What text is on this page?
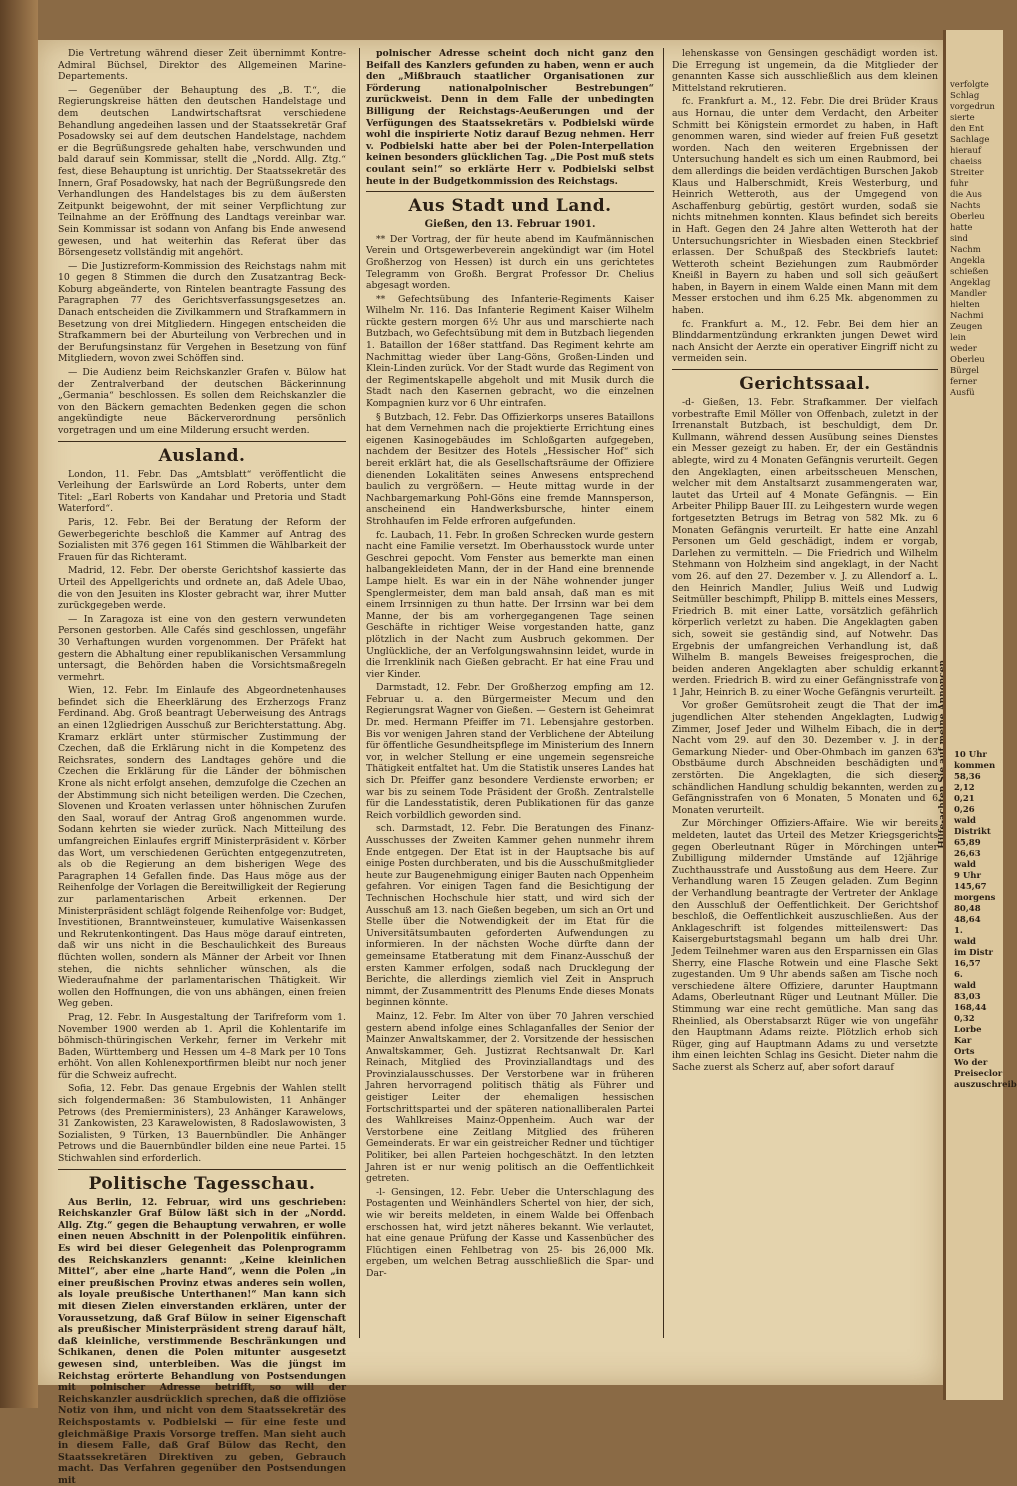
Die Vertretung während dieser Zeit übernimmt Kontre-Admiral Büchsel, Direktor des Allgemeinen Marine-Departements.

— Gegenüber der Behauptung des „B. T.“, die Regierungskreise hätten den deutschen Handelstage und dem deutschen Landwirtschaftsrat verschiedene Behandlung angedeihen lassen und der Staatssekretär Graf Posadowsky sei auf dem deutschen Handelstage, nachdem er die Begrüßungsrede gehalten habe, verschwunden und bald darauf sein Kommissar, stellt die „Nordd. Allg. Ztg.“ fest, diese Behauptung ist unrichtig. Der Staatssekretär des Innern, Graf Posadowsky, hat nach der Begrüßungsrede den Verhandlungen des Handelstages bis zu dem äußersten Zeitpunkt beigewohnt, der mit seiner Verpflichtung zur Teilnahme an der Eröffnung des Landtags vereinbar war. Sein Kommissar ist sodann von Anfang bis Ende anwesend gewesen, und hat weiterhin das Referat über das Börsengesetz vollständig mit angehört.

— Die Justizreform-Kommission des Reichstags nahm mit 10 gegen 8 Stimmen die durch den Zusatzantrag Beck-Koburg abgeänderte, von Rintelen beantragte Fassung des Paragraphen 77 des Gerichtsverfassungsgesetzes an. Danach entscheiden die Zivilkammern und Strafkammern in Besetzung von drei Mitgliedern. Hingegen entscheiden die Strafkammern bei der Aburteilung von Verbrechen und in der Berufungsinstanz für Vergehen in Besetzung von fünf Mitgliedern, wovon zwei Schöffen sind.

— Die Audienz beim Reichskanzler Grafen v. Bülow hat der Zentralverband der deutschen Bäckerinnung „Germania“ beschlossen. Es sollen dem Reichskanzler die von den Bäckern gemachten Bedenken gegen die schon angekündigte neue Bäckerverordnung persönlich vorgetragen und um eine Milderung ersucht werden.

Ausland.

London, 11. Febr. Das „Amtsblatt“ veröffentlicht die Verleihung der Earlswürde an Lord Roberts, unter dem Titel: „Earl Roberts von Kandahar und Pretoria und Stadt Waterford“.

Paris, 12. Febr. Bei der Beratung der Reform der Gewerbegerichte beschloß die Kammer auf Antrag des Sozialisten mit 376 gegen 161 Stimmen die Wählbarkeit der Frauen für das Richteramt.

Madrid, 12. Febr. Der oberste Gerichtshof kassierte das Urteil des Appellgerichts und ordnete an, daß Adele Ubao, die von den Jesuiten ins Kloster gebracht war, ihrer Mutter zurückgegeben werde.

— In Zaragoza ist eine von den gestern verwundeten Personen gestorben. Alle Cafés sind geschlossen, ungefähr 30 Verhaftungen wurden vorgenommen. Der Präfekt hat gestern die Abhaltung einer republikanischen Versammlung untersagt, die Behörden haben die Vorsichtsmaßregeln vermehrt.

Wien, 12. Febr. Im Einlaufe des Abgeordnetenhauses befindet sich die Eheerklärung des Erzherzogs Franz Ferdinand. Abg. Groß beantragt Ueberweisung des Antrags an einen 12gliedrigen Ausschuß zur Berichterstattung. Abg. Kramarz erklärt unter stürmischer Zustimmung der Czechen, daß die Erklärung nicht in die Kompetenz des Reichsrates, sondern des Landtages gehöre und die Czechen die Erklärung für die Länder der böhmischen Krone als nicht erfolgt ansehen, demzufolge die Czechen an der Abstimmung sich nicht beteiligen werden. Die Czechen, Slovenen und Kroaten verlassen unter höhnischen Zurufen den Saal, worauf der Antrag Groß angenommen wurde. Sodann kehrten sie wieder zurück. Nach Mitteilung des umfangreichen Einlaufes ergriff Ministerpräsident v. Körber das Wort, um verschiedenen Gerüchten entgegenzutreten, als ob die Regierung an dem bisherigen Wege des Paragraphen 14 Gefallen finde. Das Haus möge aus der Reihenfolge der Vorlagen die Bereitwilligkeit der Regierung zur parlamentarischen Arbeit erkennen. Der Ministerpräsident schlägt folgende Reihenfolge vor: Budget, Investitionen, Branntweinsteuer, kumulative Waisenkassen und Rekrutenkontingent. Das Haus möge darauf eintreten, daß wir uns nicht in die Beschaulichkeit des Bureaus flüchten wollen, sondern als Männer der Arbeit vor Ihnen stehen, die nichts sehnlicher wünschen, als die Wiederaufnahme der parlamentarischen Thätigkeit. Wir wollen den Hoffnungen, die von uns abhängen, einen freien Weg geben.

Prag, 12. Febr. In Ausgestaltung der Tarifreform vom 1. November 1900 werden ab 1. April die Kohlentarife im böhmisch-thüringischen Verkehr, ferner im Verkehr mit Baden, Württemberg und Hessen um 4–8 Mark per 10 Tons erhöht. Von allen Kohlenexportfirmen bleibt nur noch jener für die Schweiz aufrecht.

Sofia, 12. Febr. Das genaue Ergebnis der Wahlen stellt sich folgendermaßen: 36 Stambulowisten, 11 Anhänger Petrows (des Premierministers), 23 Anhänger Karawelows, 31 Zankowisten, 23 Karawelowisten, 8 Radoslawowisten, 3 Sozialisten, 9 Türken, 13 Bauernbündler. Die Anhänger Petrows und die Bauernbündler bilden eine neue Partei. 15 Stichwahlen sind erforderlich.

Politische Tagesschau.

Aus Berlin, 12. Februar, wird uns geschrieben: Reichskanzler Graf Bülow läßt sich in der „Nordd. Allg. Ztg.“ gegen die Behauptung verwahren, er wolle einen neuen Abschnitt in der Polenpolitik einführen. Es wird bei dieser Gelegenheit das Polenprogramm des Reichskanzlers genannt: „Keine kleinlichen Mittel“, aber eine „harte Hand“, wenn die Polen „in einer preußischen Provinz etwas anderes sein wollen, als loyale preußische Unterthanen!“ Man kann sich mit diesen Zielen einverstanden erklären, unter der Voraussetzung, daß Graf Bülow in seiner Eigenschaft als preußischer Ministerpräsident streng darauf hält, daß kleinliche, verstimmende Beschränkungen und Schikanen, denen die Polen mitunter ausgesetzt gewesen sind, unterbleiben. Was die jüngst im Reichstag erörterte Behandlung von Postsendungen mit polnischer Adresse betrifft, so will der Reichskanzler ausdrücklich sprechen, daß die offiziöse Notiz von ihm, und nicht von dem Staatssekretär des Reichspostamts v. Podbielski — für eine feste und gleichmäßige Praxis Vorsorge treffen. Man sieht auch in diesem Falle, daß Graf Bülow das Recht, den Staatssekretären Direktiven zu geben, Gebrauch macht. Das Verfahren gegenüber den Postsendungen mit

polnischer Adresse scheint doch nicht ganz den Beifall des Kanzlers gefunden zu haben, wenn er auch den „Mißbrauch staatlicher Organisationen zur Förderung nationalpolnischer Bestrebungen“ zurückweist. Denn in dem Falle der unbedingten Billigung der Reichstags-Aeußerungen und der Verfügungen des Staatssekretärs v. Podbielski würde wohl die inspirierte Notiz darauf Bezug nehmen. Herr v. Podbielski hatte aber bei der Polen-Interpellation keinen besonders glücklichen Tag. „Die Post muß stets coulant sein!“ so erklärte Herr v. Podbielski selbst heute in der Budgetkommission des Reichstags.

Aus Stadt und Land.
Gießen, den 13. Februar 1901.

** Der Vortrag, der für heute abend im Kaufmännischen Verein und Ortsgewerbeverein angekündigt war (im Hotel Großherzog von Hessen) ist durch ein uns gerichtetes Telegramm von Großh. Bergrat Professor Dr. Chelius abgesagt worden.

** Gefechtsübung des Infanterie-Regiments Kaiser Wilhelm Nr. 116. Das Infanterie Regiment Kaiser Wilhelm rückte gestern morgen 6½ Uhr aus und marschierte nach Butzbach, wo Gefechtsübung mit dem in Butzbach liegenden 1. Bataillon der 168er stattfand. Das Regiment kehrte am Nachmittag wieder über Lang-Göns, Großen-Linden und Klein-Linden zurück. Vor der Stadt wurde das Regiment von der Regimentskapelle abgeholt und mit Musik durch die Stadt nach den Kasernen gebracht, wo die einzelnen Kompagnien kurz vor 6 Uhr eintrafen.

§ Butzbach, 12. Febr. Das Offizierkorps unseres Bataillons hat dem Vernehmen nach die projektierte Errichtung eines eigenen Kasinogebäudes im Schloßgarten aufgegeben, nachdem der Besitzer des Hotels „Hessischer Hof“ sich bereit erklärt hat, die als Gesellschaftsräume der Offiziere dienenden Lokalitäten seines Anwesens entsprechend baulich zu vergrößern. — Heute mittag wurde in der Nachbargemarkung Pohl-Göns eine fremde Mannsperson, anscheinend ein Handwerksbursche, hinter einem Strohhaufen im Felde erfroren aufgefunden.

fc. Laubach, 11. Febr. In großen Schrecken wurde gestern nacht eine Familie versetzt. Im Oberhausstock wurde unter Geschrei gepocht. Vom Fenster aus bemerkte man einen halbangekleideten Mann, der in der Hand eine brennende Lampe hielt. Es war ein in der Nähe wohnender junger Spenglermeister, dem man bald ansah, daß man es mit einem Irrsinnigen zu thun hatte. Der Irrsinn war bei dem Manne, der bis am vorhergegangenen Tage seinen Geschäfte in richtiger Weise vorgestanden hatte, ganz plötzlich in der Nacht zum Ausbruch gekommen. Der Unglückliche, der an Verfolgungswahnsinn leidet, wurde in die Irrenklinik nach Gießen gebracht. Er hat eine Frau und vier Kinder.

Darmstadt, 12. Febr. Der Großherzog empfing am 12. Februar u. a. den Bürgermeister Mecum und den Regierungsrat Wagner von Gießen. — Gestern ist Geheimrat Dr. med. Hermann Pfeiffer im 71. Lebensjahre gestorben. Bis vor wenigen Jahren stand der Verblichene der Abteilung für öffentliche Gesundheitspflege im Ministerium des Innern vor, in welcher Stellung er eine ungemein segensreiche Thätigkeit entfaltet hat. Um die Statistik unseres Landes hat sich Dr. Pfeiffer ganz besondere Verdienste erworben; er war bis zu seinem Tode Präsident der Großh. Zentralstelle für die Landesstatistik, deren Publikationen für das ganze Reich vorbildlich geworden sind.

sch. Darmstadt, 12. Febr. Die Beratungen des Finanz-Ausschusses der Zweiten Kammer gehen nunmehr ihrem Ende entgegen. Der Etat ist in der Hauptsache bis auf einige Posten durchberaten, und bis die Ausschußmitglieder heute zur Baugenehmigung einiger Bauten nach Oppenheim gefahren. Vor einigen Tagen fand die Besichtigung der Technischen Hochschule hier statt, und wird sich der Ausschuß am 13. nach Gießen begeben, um sich an Ort und Stelle über die Notwendigkeit der im Etat für die Universitätsumbauten geforderten Aufwendungen zu informieren. In der nächsten Woche dürfte dann der gemeinsame Etatberatung mit dem Finanz-Ausschuß der ersten Kammer erfolgen, sodaß nach Drucklegung der Berichte, die allerdings ziemlich viel Zeit in Anspruch nimmt, der Zusammentritt des Plenums Ende dieses Monats beginnen könnte.

Mainz, 12. Febr. Im Alter von über 70 Jahren verschied gestern abend infolge eines Schlaganfalles der Senior der Mainzer Anwaltskammer, der 2. Vorsitzende der hessischen Anwaltskammer, Geh. Justizrat Rechtsanwalt Dr. Karl Reinach, Mitglied des Provinziallandtags und des Provinzialausschusses. Der Verstorbene war in früheren Jahren hervorragend politisch thätig als Führer und geistiger Leiter der ehemaligen hessischen Fortschrittspartei und der späteren nationalliberalen Partei des Wahlkreises Mainz-Oppenheim. Auch war der Verstorbene eine Zeitlang Mitglied des früheren Gemeinderats. Er war ein geistreicher Redner und tüchtiger Politiker, bei allen Parteien hochgeschätzt. In den letzten Jahren ist er nur wenig politisch an die Oeffentlichkeit getreten.

-l- Gensingen, 12. Febr. Ueber die Unterschlagung des Postagenten und Weinhändlers Schertel von hier, der sich, wie wir bereits meldeten, in einem Walde bei Offenbach erschossen hat, wird jetzt näheres bekannt. Wie verlautet, hat eine genaue Prüfung der Kasse und Kassenbücher des Flüchtigen einen Fehlbetrag von 25- bis 26,000 Mk. ergeben, um welchen Betrag ausschließlich die Spar- und Dar-

lehenskasse von Gensingen geschädigt worden ist. Die Erregung ist ungemein, da die Mitglieder der genannten Kasse sich ausschließlich aus dem kleinen Mittelstand rekrutieren.

fc. Frankfurt a. M., 12. Febr. Die drei Brüder Kraus aus Hornau, die unter dem Verdacht, den Arbeiter Schmitt bei Königstein ermordet zu haben, in Haft genommen waren, sind wieder auf freien Fuß gesetzt worden. Nach den weiteren Ergebnissen der Untersuchung handelt es sich um einen Raubmord, bei dem allerdings die beiden verdächtigen Burschen Jakob Klaus und Halberschmidt, Kreis Westerburg, und Heinrich Wetteroth, aus der Umgegend von Aschaffenburg gebürtig, gestört wurden, sodaß sie nichts mitnehmen konnten. Klaus befindet sich bereits in Haft. Gegen den 24 Jahre alten Wetteroth hat der Untersuchungsrichter in Wiesbaden einen Steckbrief erlassen. Der Schußpaß des Steckbriefs lautet: Wetteroth scheint Beziehungen zum Raubmörder Kneißl in Bayern zu haben und soll sich geäußert haben, in Bayern in einem Walde einen Mann mit dem Messer erstochen und ihm 6.25 Mk. abgenommen zu haben.

fc. Frankfurt a. M., 12. Febr. Bei dem hier an Blinddarmentzündung erkrankten jungen Dewet wird nach Ansicht der Aerzte ein operativer Eingriff nicht zu vermeiden sein.

Gerichtssaal.

-d- Gießen, 13. Febr. Strafkammer. Der vielfach vorbestrafte Emil Möller von Offenbach, zuletzt in der Irrenanstalt Butzbach, ist beschuldigt, dem Dr. Kullmann, während dessen Ausübung seines Dienstes ein Messer gezeigt zu haben. Er, der ein Geständnis ablegte, wird zu 4 Monaten Gefängnis verurteilt. Gegen den Angeklagten, einen arbeitsscheuen Menschen, welcher mit dem Anstaltsarzt zusammengeraten war, lautet das Urteil auf 4 Monate Gefängnis. — Ein Arbeiter Philipp Bauer III. zu Leihgestern wurde wegen fortgesetzten Betrugs im Betrag von 582 Mk. zu 6 Monaten Gefängnis verurteilt. Er hatte eine Anzahl Personen um Geld geschädigt, indem er vorgab, Darlehen zu vermitteln. — Die Friedrich und Wilhelm Stehmann von Holzheim sind angeklagt, in der Nacht vom 26. auf den 27. Dezember v. J. zu Allendorf a. L. den Heinrich Mandler, Julius Weiß und Ludwig Seitmüller beschimpft, Philipp B. mittels eines Messers, Friedrich B. mit einer Latte, vorsätzlich gefährlich körperlich verletzt zu haben. Die Angeklagten gaben sich, soweit sie geständig sind, auf Notwehr. Das Ergebnis der umfangreichen Verhandlung ist, daß Wilhelm B. mangels Beweises freigesprochen, die beiden anderen Angeklagten aber schuldig erkannt werden. Friedrich B. wird zu einer Gefängnisstrafe von 1 Jahr, Heinrich B. zu einer Woche Gefängnis verurteilt.

Vor großer Gemütsroheit zeugt die That der im jugendlichen Alter stehenden Angeklagten, Ludwig Zimmer, Josef Jeder und Wilhelm Eibach, die in der Nacht vom 29. auf den 30. Dezember v. J. in der Gemarkung Nieder- und Ober-Ohmbach im ganzen 63 Obstbäume durch Abschneiden beschädigten und zerstörten. Die Angeklagten, die sich dieser schändlichen Handlung schuldig bekannten, werden zu Gefängnisstrafen von 6 Monaten, 5 Monaten und 6 Monaten verurteilt.

Zur Mörchinger Offiziers-Affaire. Wie wir bereits meldeten, lautet das Urteil des Metzer Kriegsgerichts gegen Oberleutnant Rüger in Mörchingen unter Zubilligung mildernder Umstände auf 12jährige Zuchthausstrafe und Ausstoßung aus dem Heere. Zur Verhandlung waren 15 Zeugen geladen. Zum Beginn der Verhandlung beantragte der Vertreter der Anklage den Ausschluß der Oeffentlichkeit. Der Gerichtshof beschloß, die Oeffentlichkeit auszuschließen. Aus der Anklageschrift ist folgendes mitteilenswert: Das Kaisergeburtstagsmahl begann um halb drei Uhr. Jedem Teilnehmer waren aus den Ersparnissen ein Glas Sherry, eine Flasche Rotwein und eine Flasche Sekt zugestanden. Um 9 Uhr abends saßen am Tische noch verschiedene ältere Offiziere, darunter Hauptmann Adams, Oberleutnant Rüger und Leutnant Müller. Die Stimmung war eine recht gemütliche. Man sang das Rheinlied, als Oberstabsarzt Rüger wie von ungefähr den Hauptmann Adams reizte. Plötzlich erhob sich Rüger, ging auf Hauptmann Adams zu und versetzte ihm einen leichten Schlag ins Gesicht. Dieter nahm die Sache zuerst als Scherz auf, aber sofort darauf

verfolgte
Schlag
vorgedrun
sierte
den Ent
Sachlage
hierauf
chaeiss
Streiter
fuhr
die Aus
Nachts
Oberleu
hatte
sind
Nachm
Angekla
schießen
Angeklag
Mandler
hielten
Nachmi
Zeugen
lein
weder
Oberleu
Bürgel
ferner
Ausfü
10 Uhr
kommen
58,36
2,12
0,21
0,26
wald
Distrikt
65,89
26,63
wald
9 Uhr
145,67
morgens
80,48
48,64
1.
wald
im Distr
16,57
6.
wald
83,03
168,44
0,32
Lorbe
Kar
Orts
Wo der
Preiseclor
auszuschreib
